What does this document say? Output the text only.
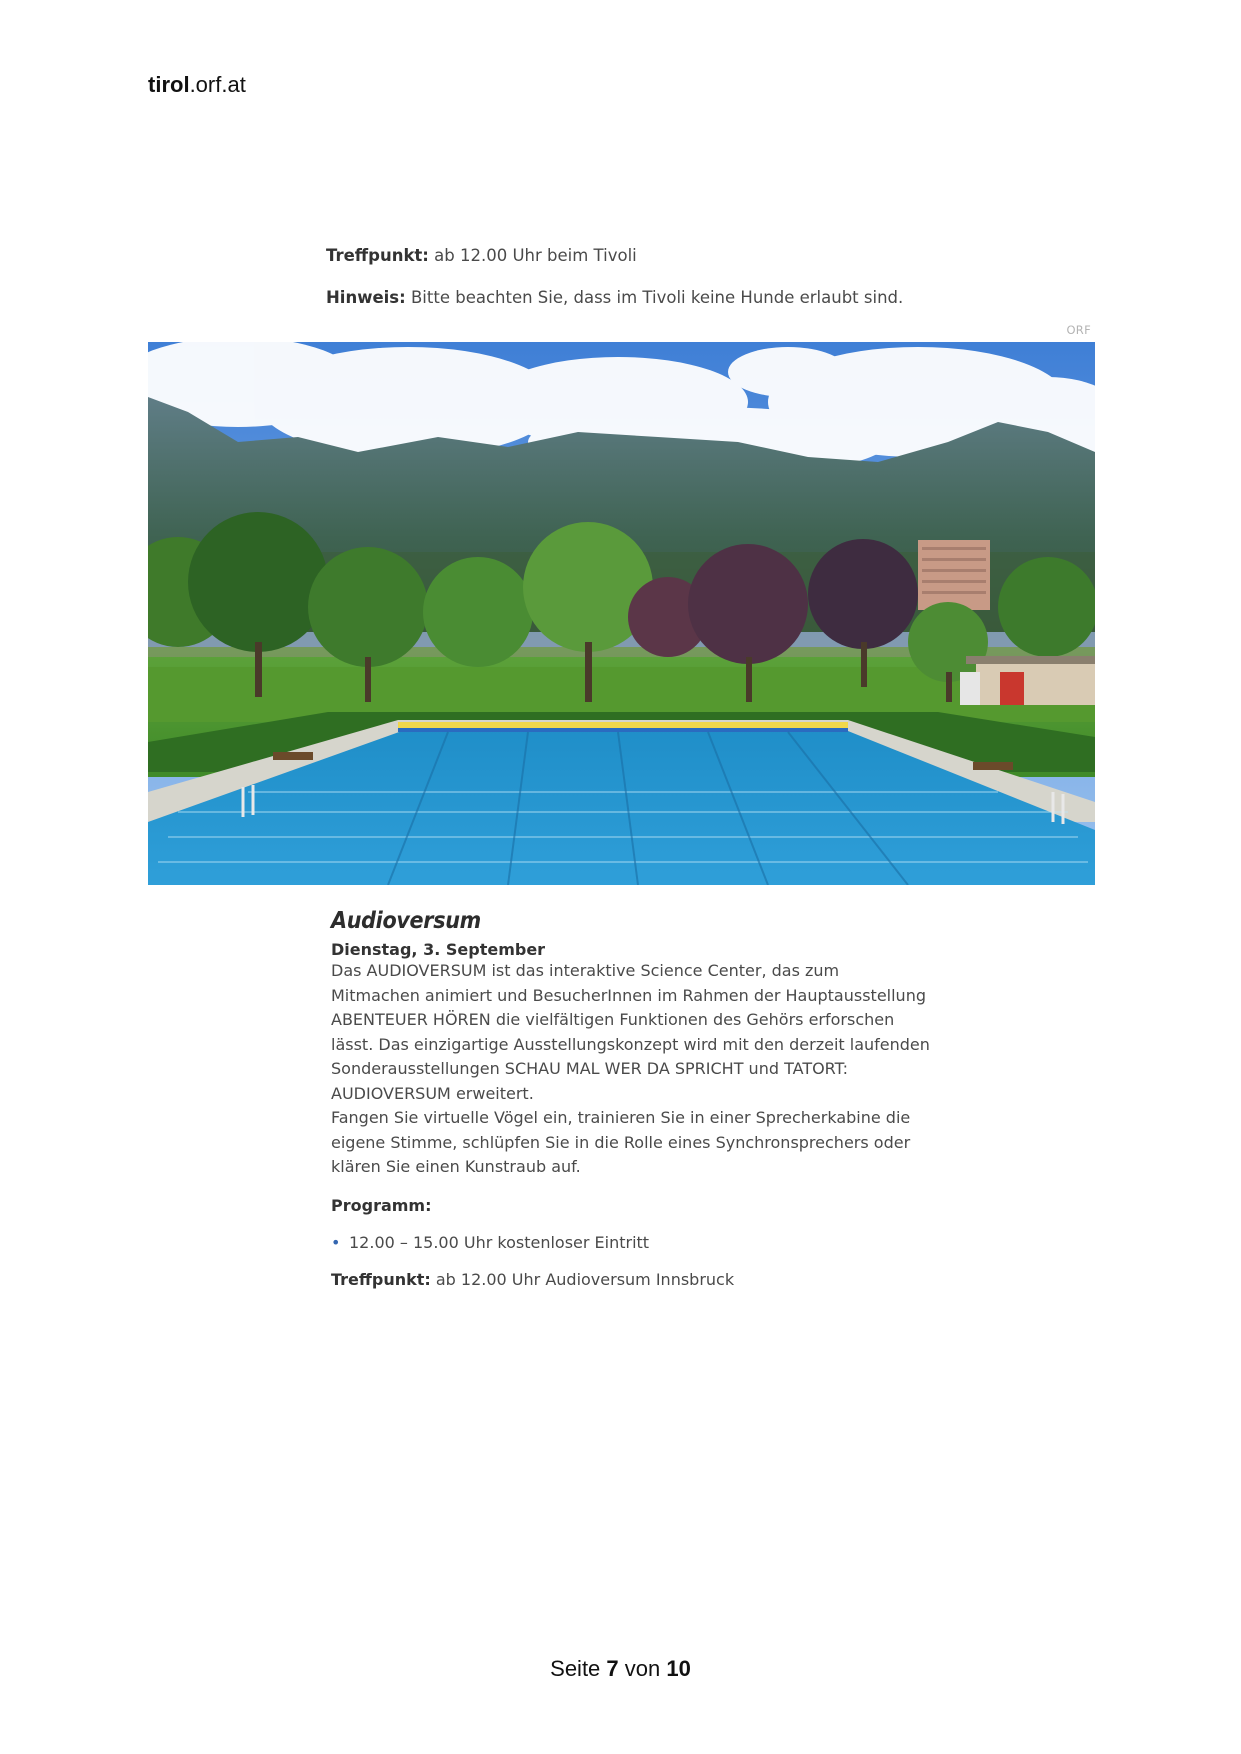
tirol.orf.at
Treffpunkt: ab 12.00 Uhr beim Tivoli
Hinweis: Bitte beachten Sie, dass im Tivoli keine Hunde erlaubt sind.
ORF
Audioversum
Dienstag, 3. September

Das AUDIOVERSUM ist das interaktive Science Center, das zum Mitmachen animiert und BesucherInnen im Rahmen der Hauptausstellung ABENTEUER HÖREN die vielfältigen Funktionen des Gehörs erforschen lässt. Das einzigartige Ausstellungskonzept wird mit den derzeit laufenden Sonderausstellungen SCHAU MAL WER DA SPRICHT und TATORT: AUDIOVERSUM erweitert.

Fangen Sie virtuelle Vögel ein, trainieren Sie in einer Sprecherkabine die eigene Stimme, schlüpfen Sie in die Rolle eines Synchronsprechers oder klären Sie einen Kunstraub auf.

Programm:
• 12.00 – 15.00 Uhr kostenloser Eintritt
Treffpunkt: ab 12.00 Uhr Audioversum Innsbruck
Seite 7 von 10
